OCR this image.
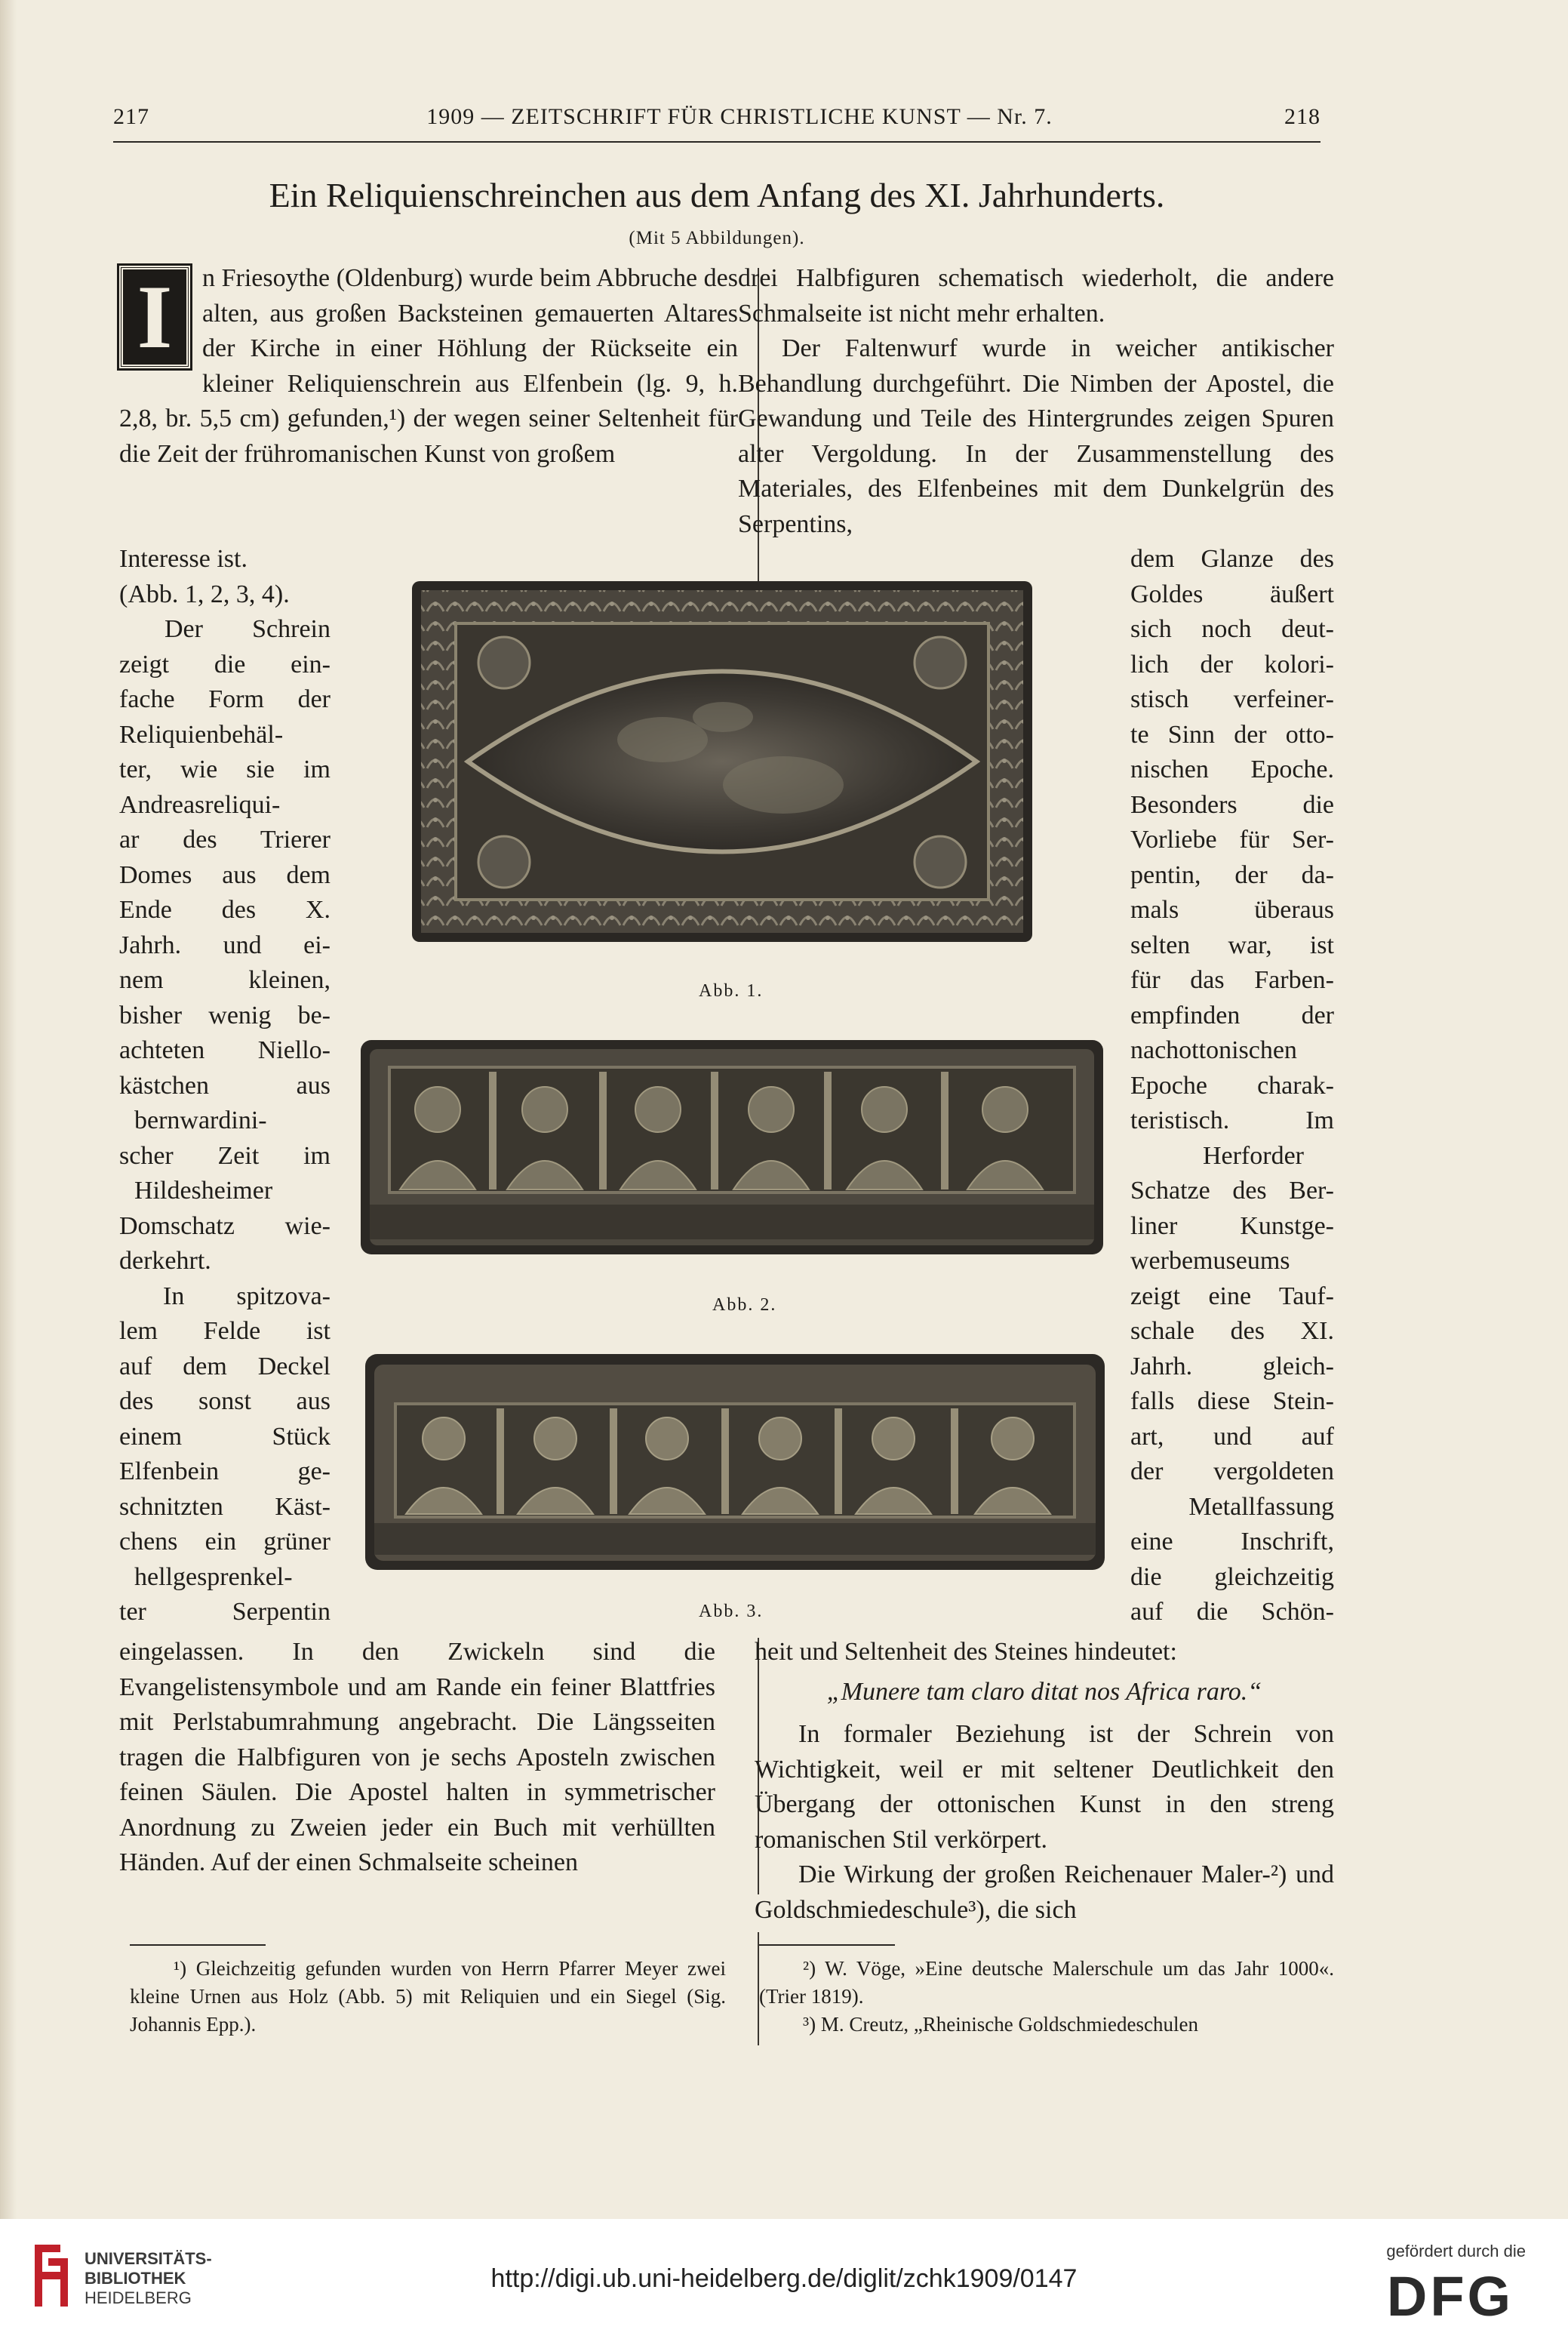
217	1909 — ZEITSCHRIFT FÜR CHRISTLICHE KUNST — Nr. 7.	218
Ein Reliquienschreinchen aus dem Anfang des XI. Jahrhunderts.
(Mit 5 Abbildungen).

I	n Friesoythe (Oldenburg) wurde beim Abbruche des alten, aus großen Backsteinen gemauerten Altares der Kirche in einer Höhlung der Rückseite ein kleiner Reliquienschrein aus Elfenbein (lg. 9, h. 2,8, br. 5,5 cm) gefunden,¹) der wegen seiner Seltenheit für die Zeit der frühromanischen Kunst von großem

Interesse ist.
(Abb. 1, 2, 3, 4).
Der Schrein
zeigt die ein-
fache Form der
Reliquienbehäl-
ter, wie sie im
Andreasreliqui-
ar des Trierer
Domes aus dem
Ende des X.
Jahrh. und ei-
nem kleinen,
bisher wenig be-
achteten Niello-
kästchen aus
bernwardini-
scher Zeit im
Hildesheimer
Domschatz wie-
derkehrt.
In spitzova-
lem Felde ist
auf dem Deckel
des sonst aus
einem Stück
Elfenbein ge-
schnitzten Käst-
chens ein grüner
hellgesprenkel-
ter Serpentin

eingelassen. In den Zwickeln sind die Evangelistensymbole und am Rande ein feiner Blattfries mit Perlstabumrahmung angebracht. Die Längsseiten tragen die Halbfiguren von je sechs Aposteln zwischen feinen Säulen. Die Apostel halten in symmetrischer Anordnung zu Zweien jeder ein Buch mit verhüllten Händen. Auf der einen Schmalseite scheinen

drei Halbfiguren schematisch wiederholt, die andere Schmalseite ist nicht mehr erhalten.

Der Faltenwurf wurde in weicher antikischer Behandlung durchgeführt. Die Nimben der Apostel, die Gewandung und Teile des Hintergrundes zeigen Spuren alter Vergoldung. In der Zusammenstellung des Materiales, des Elfenbeines mit dem Dunkelgrün des Serpentins,

dem Glanze des
Goldes äußert
sich noch deut-
lich der kolori-
stisch verfeiner-
te Sinn der otto-
nischen Epoche.
Besonders die
Vorliebe für Ser-
pentin, der da-
mals überaus
selten war, ist
für das Farben-
empfinden der
nachottonischen
Epoche charak-
teristisch. Im
Herforder
Schatze des Ber-
liner Kunstge-
werbemuseums
zeigt eine Tauf-
schale des XI.
Jahrh. gleich-
falls diese Stein-
art, und auf
der vergoldeten
Metallfassung
eine Inschrift,
die gleichzeitig
auf die Schön-

heit und Seltenheit des Steines hindeutet:

„Munere tam claro ditat nos Africa raro.“

In formaler Beziehung ist der Schrein von Wichtigkeit, weil er mit seltener Deutlichkeit den Übergang der ottonischen Kunst in den streng romanischen Stil verkörpert.

Die Wirkung der großen Reichenauer Maler-²) und Goldschmiedeschule³), die sich

Abb. 1.
Abb. 2.
Abb. 3.

¹) Gleichzeitig gefunden wurden von Herrn Pfarrer Meyer zwei kleine Urnen aus Holz (Abb. 5) mit Reliquien und ein Siegel (Sig. Johannis Epp.).

²) W. Vöge, »Eine deutsche Malerschule um das Jahr 1000«. (Trier 1819).

³) M. Creutz, „Rheinische Goldschmiedeschulen

UNIVERSITÄTS-
BIBLIOTHEK
HEIDELBERG
http://digi.ub.uni-heidelberg.de/diglit/zchk1909/0147
gefördert durch die
DFG
